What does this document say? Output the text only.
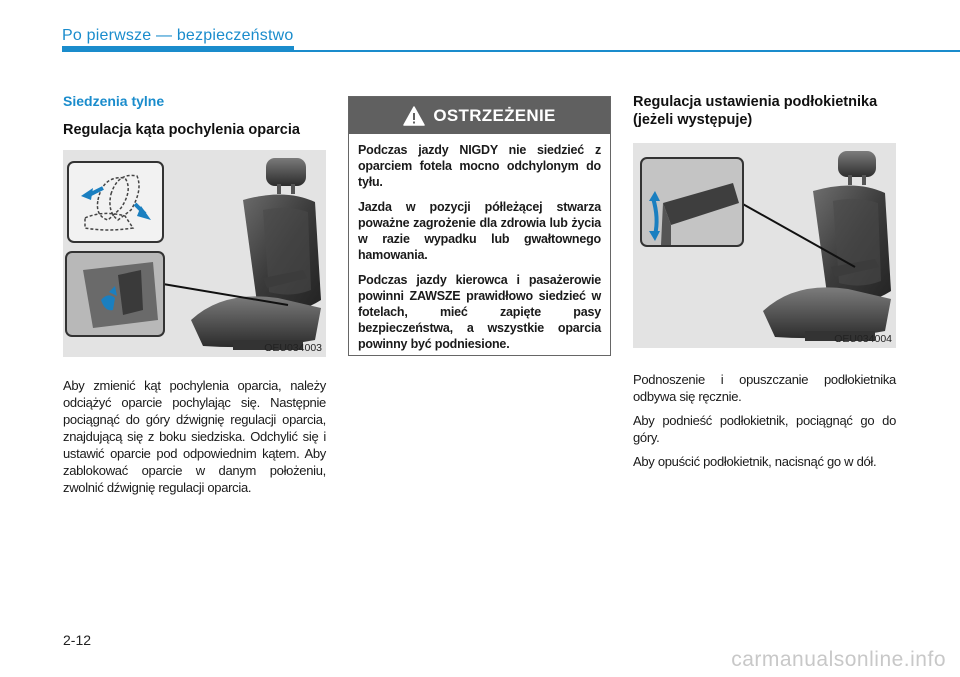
Po pierwsze — bezpieczeństwo
Siedzenia tylne
Regulacja kąta pochylenia oparcia
OEU034003
Aby zmienić kąt pochylenia oparcia, należy odciążyć oparcie pochylając się. Następnie pociągnąć do góry dźwignię regulacji oparcia, znajdującą się z boku siedziska. Odchylić się i ustawić oparcie pod odpowiednim kątem. Aby zablokować oparcie w danym położeniu, zwolnić dźwignię regulacji oparcia.
OSTRZEŻENIE

Podczas jazdy NIGDY nie siedzieć z oparciem fotela mocno odchylonym do tyłu.

Jazda w pozycji półleżącej stwarza poważne zagrożenie dla zdrowia lub życia w razie wypadku lub gwałtownego hamowania.

Podczas jazdy kierowca i pasażerowie powinni ZAWSZE prawidłowo siedzieć w fotelach, mieć zapięte pasy bezpieczeństwa, a wszystkie oparcia powinny być podniesione.

Regulacja ustawienia podłokietnika
(jeżeli występuje)
OEU034004

Podnoszenie i opuszczanie podłokietnika odbywa się ręcznie.

Aby podnieść podłokietnik, pociągnąć go do góry.

Aby opuścić podłokietnik, nacisnąć go w dół.

2-12
carmanualsonline.info
